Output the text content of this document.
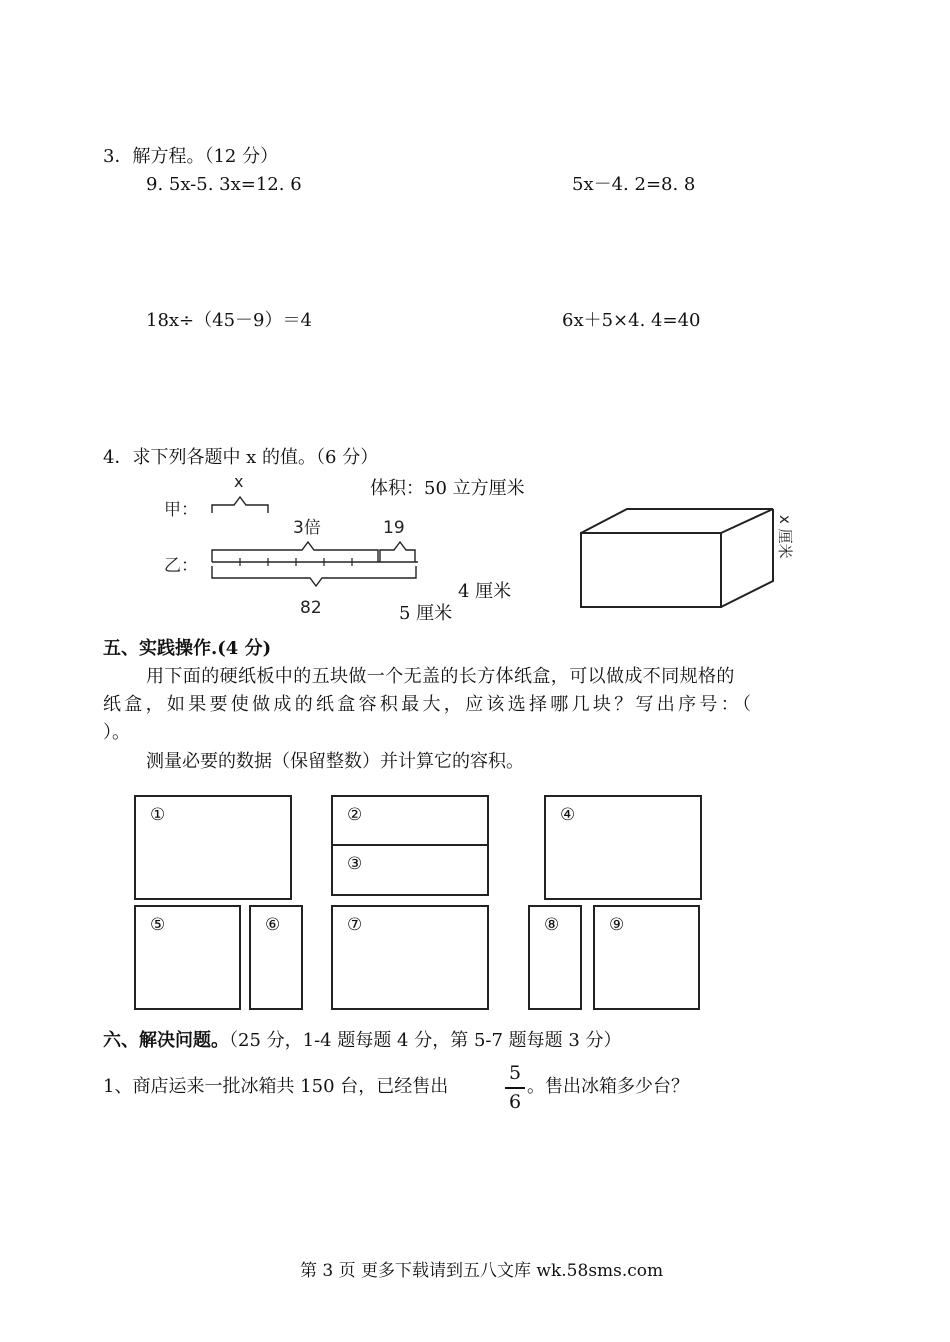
3．解方程。（12 分）
9. 5x-5. 3x=12. 6	5x－4. 2=8. 8
18x÷（45－9）＝4	6x＋5×4. 4=40
4．求下列各题中 x 的值。（6 分）
体积：50 立方厘米
甲：
乙：
x
3倍	19
82
4 厘米
5 厘米
x 厘米
五、实践操作.(4 分)
用下面的硬纸板中的五块做一个无盖的长方体纸盒，可以做成不同规格的
纸盒，如果要使做成的纸盒容积最大，应该选择哪几块？写出序号：（
）。
测量必要的数据（保留整数）并计算它的容积。
①	②
③
④
⑤	⑥	⑦	⑧	⑨
六、解决问题。（25 分，1-4 题每题 4 分，第 5-7 题每题 3 分）
1、商店运来一批冰箱共 150 台，已经售出
5
6
。售出冰箱多少台？
第 3 页 更多下载请到五八文库 wk.58sms.com
